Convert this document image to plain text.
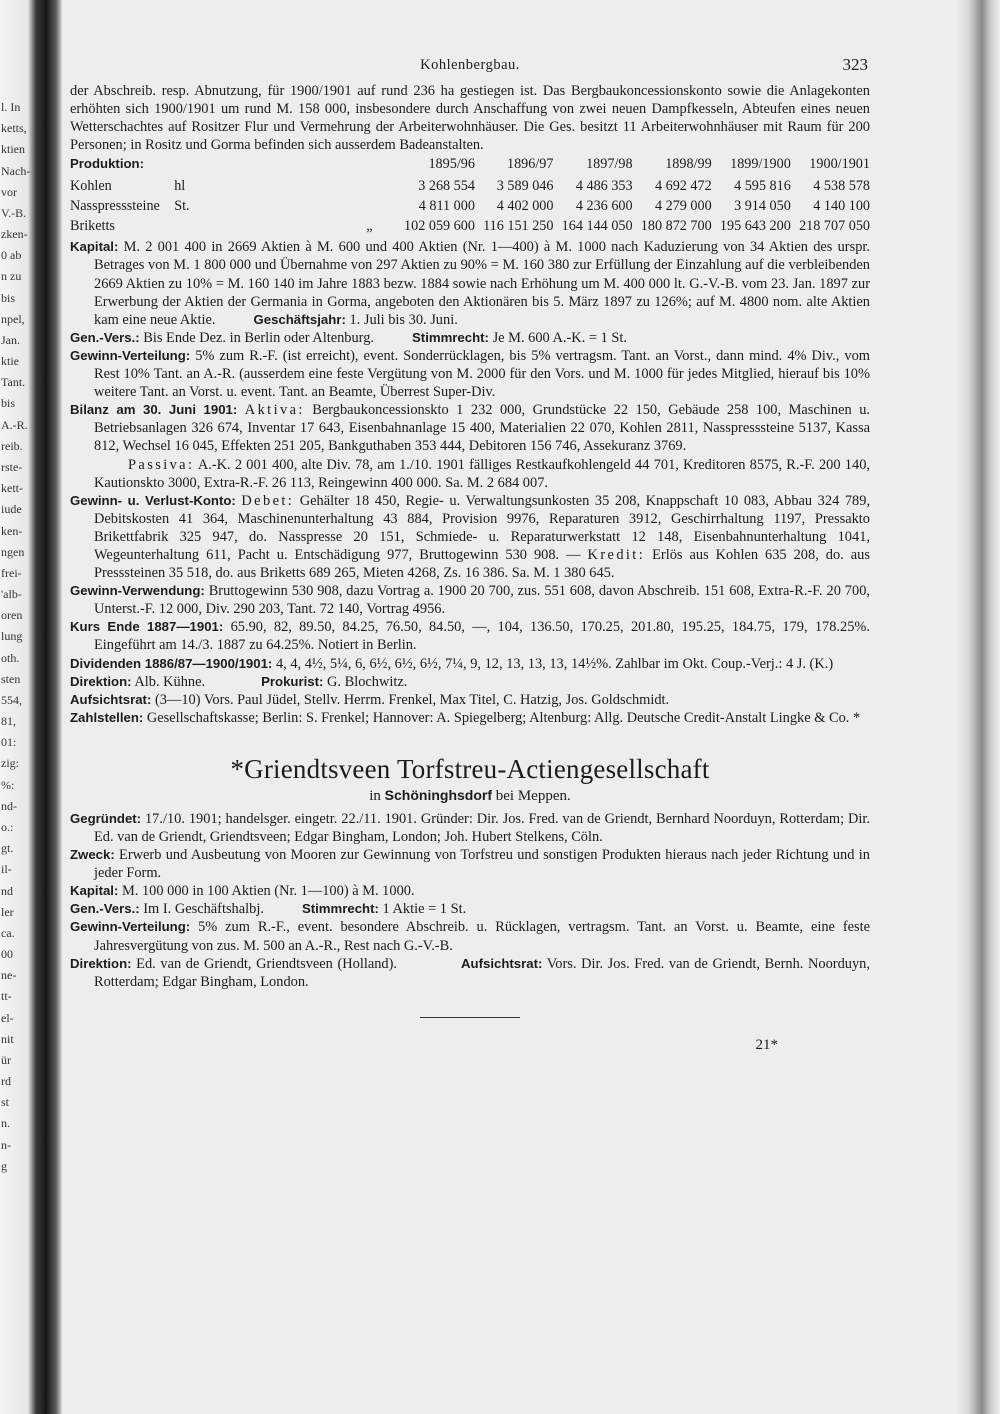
l. In
ketts,
ktien
Nach-
vor
V.-B.
zken-
0 ab
n zu
bis
npel,
Jan.
ktie
Tant.
bis
A.-R.
reib.
rste-
kett-
iude
ken-
ngen
frei-
'alb-
oren
lung
oth.
sten
554,
81,
01:
zig:
%:
nd-
o.:
gt.
il-
nd
ler
ca.
00
ne-
tt-
el-
nit
ür
rd
st
n.
n-
g
Kohlenbergbau.	323

der Abschreib. resp. Abnutzung, für 1900/1901 auf rund 236 ha gestiegen ist. Das Bergbaukoncessionskonto sowie die Anlagekonten erhöhten sich 1900/1901 um rund M. 158 000, insbesondere durch Anschaffung von zwei neuen Dampfkesseln, Abteufen eines neuen Wetterschachtes auf Rositzer Flur und Vermehrung der Arbeiterwohnhäuser. Die Ges. besitzt 11 Arbeiterwohnhäuser mit Raum für 200 Personen; in Rositz und Gorma befinden sich ausserdem Badeanstalten.

Produktion:		1895/96	1896/97	1897/98	1898/99	1899/1900	1900/1901
Kohlen	hl	3 268 554	3 589 046	4 486 353	4 692 472	4 595 816	4 538 578
Nasspresssteine	St.	4 811 000	4 402 000	4 236 600	4 279 000	3 914 050	4 140 100
Briketts	„	102 059 600	116 151 250	164 144 050	180 872 700	195 643 200	218 707 050

Kapital: M. 2 001 400 in 2669 Aktien à M. 600 und 400 Aktien (Nr. 1—400) à M. 1000 nach Kaduzierung von 34 Aktien des urspr. Betrages von M. 1 800 000 und Übernahme von 297 Aktien zu 90% = M. 160 380 zur Erfüllung der Einzahlung auf die verbleibenden 2669 Aktien zu 10% = M. 160 140 im Jahre 1883 bezw. 1884 sowie nach Erhöhung um M. 400 000 lt. G.-V.-B. vom 23. Jan. 1897 zur Erwerbung der Aktien der Germania in Gorma, angeboten den Aktionären bis 5. März 1897 zu 126%; auf M. 4800 nom. alte Aktien kam eine neue Aktie.	Geschäftsjahr: 1. Juli bis 30. Juni.

Gen.-Vers.: Bis Ende Dez. in Berlin oder Altenburg.	Stimmrecht: Je M. 600 A.-K. = 1 St.

Gewinn-Verteilung: 5% zum R.-F. (ist erreicht), event. Sonderrücklagen, bis 5% vertragsm. Tant. an Vorst., dann mind. 4% Div., vom Rest 10% Tant. an A.-R. (ausserdem eine feste Vergütung von M. 2000 für den Vors. und M. 1000 für jedes Mitglied, hierauf bis 10% weitere Tant. an Vorst. u. event. Tant. an Beamte, Überrest Super-Div.

Bilanz am 30. Juni 1901: Aktiva: Bergbaukoncessionskto 1 232 000, Grundstücke 22 150, Gebäude 258 100, Maschinen u. Betriebsanlagen 326 674, Inventar 17 643, Eisenbahnanlage 15 400, Materialien 22 070, Kohlen 2811, Nasspresssteine 5137, Kassa 812, Wechsel 16 045, Effekten 251 205, Bankguthaben 353 444, Debitoren 156 746, Assekuranz 3769.

Passiva: A.-K. 2 001 400, alte Div. 78, am 1./10. 1901 fälliges Restkaufkohlengeld 44 701, Kreditoren 8575, R.-F. 200 140, Kautionskto 3000, Extra-R.-F. 26 113, Reingewinn 400 000. Sa. M. 2 684 007.

Gewinn- u. Verlust-Konto: Debet: Gehälter 18 450, Regie- u. Verwaltungsunkosten 35 208, Knappschaft 10 083, Abbau 324 789, Debitskosten 41 364, Maschinenunterhaltung 43 884, Provision 9976, Reparaturen 3912, Geschirrhaltung 1197, Pressakto Brikettfabrik 325 947, do. Nasspresse 20 151, Schmiede- u. Reparaturwerkstatt 12 148, Eisenbahnunterhaltung 1041, Wegeunterhaltung 611, Pacht u. Entschädigung 977, Bruttogewinn 530 908. — Kredit: Erlös aus Kohlen 635 208, do. aus Presssteinen 35 518, do. aus Briketts 689 265, Mieten 4268, Zs. 16 386. Sa. M. 1 380 645.

Gewinn-Verwendung: Bruttogewinn 530 908, dazu Vortrag a. 1900 20 700, zus. 551 608, davon Abschreib. 151 608, Extra-R.-F. 20 700, Unterst.-F. 12 000, Div. 290 203, Tant. 72 140, Vortrag 4956.

Kurs Ende 1887—1901: 65.90, 82, 89.50, 84.25, 76.50, 84.50, —, 104, 136.50, 170.25, 201.80, 195.25, 184.75, 179, 178.25%. Eingeführt am 14./3. 1887 zu 64.25%. Notiert in Berlin.

Dividenden 1886/87—1900/1901: 4, 4, 4½, 5¼, 6, 6½, 6½, 6½, 7¼, 9, 12, 13, 13, 13, 14½%. Zahlbar im Okt. Coup.-Verj.: 4 J. (K.)

Direktion: Alb. Kühne.	Prokurist: G. Blochwitz.

Aufsichtsrat: (3—10) Vors. Paul Jüdel, Stellv. Herrm. Frenkel, Max Titel, C. Hatzig, Jos. Goldschmidt.

Zahlstellen: Gesellschaftskasse; Berlin: S. Frenkel; Hannover: A. Spiegelberg; Altenburg: Allg. Deutsche Credit-Anstalt Lingke & Co. *

*Griendtsveen Torfstreu-Actiengesellschaft
in Schöninghsdorf bei Meppen.

Gegründet: 17./10. 1901; handelsger. eingetr. 22./11. 1901. Gründer: Dir. Jos. Fred. van de Griendt, Bernhard Noorduyn, Rotterdam; Dir. Ed. van de Griendt, Griendtsveen; Edgar Bingham, London; Joh. Hubert Stelkens, Cöln.

Zweck: Erwerb und Ausbeutung von Mooren zur Gewinnung von Torfstreu und sonstigen Produkten hieraus nach jeder Richtung und in jeder Form.

Kapital: M. 100 000 in 100 Aktien (Nr. 1—100) à M. 1000.

Gen.-Vers.: Im I. Geschäftshalbj.	Stimmrecht: 1 Aktie = 1 St.

Gewinn-Verteilung: 5% zum R.-F., event. besondere Abschreib. u. Rücklagen, vertragsm. Tant. an Vorst. u. Beamte, eine feste Jahresvergütung von zus. M. 500 an A.-R., Rest nach G.-V.-B.

Direktion: Ed. van de Griendt, Griendtsveen (Holland).	Aufsichtsrat: Vors. Dir. Jos. Fred. van de Griendt, Bernh. Noorduyn, Rotterdam; Edgar Bingham, London.

21*
